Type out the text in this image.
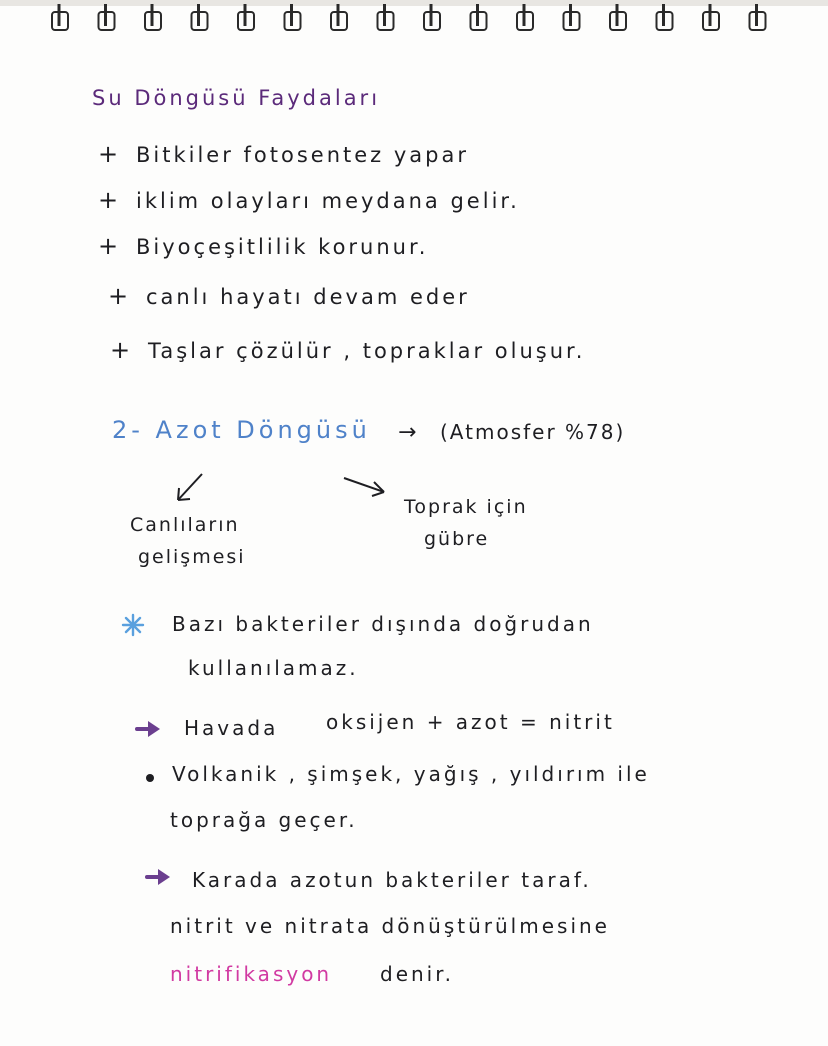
Su Döngüsü Faydaları
+ Bitkiler fotosentez yapar
+ iklim olayları meydana gelir.
+ Biyoçeşitlilik korunur.
+ canlı hayatı devam eder
+ Taşlar çözülür , topraklar oluşur.
2- Azot Döngüsü → (Atmosfer %78)
Canlıların
gelişmesi
Toprak için
gübre
Bazı bakteriler dışında doğrudan
kullanılamaz.
Havada oksijen + azot = nitrit
Volkanik , şimşek, yağış , yıldırım ile
toprağa geçer.
Karada azotun bakteriler taraf.
nitrit ve nitrata dönüştürülmesine
nitrifikasyon denir.
